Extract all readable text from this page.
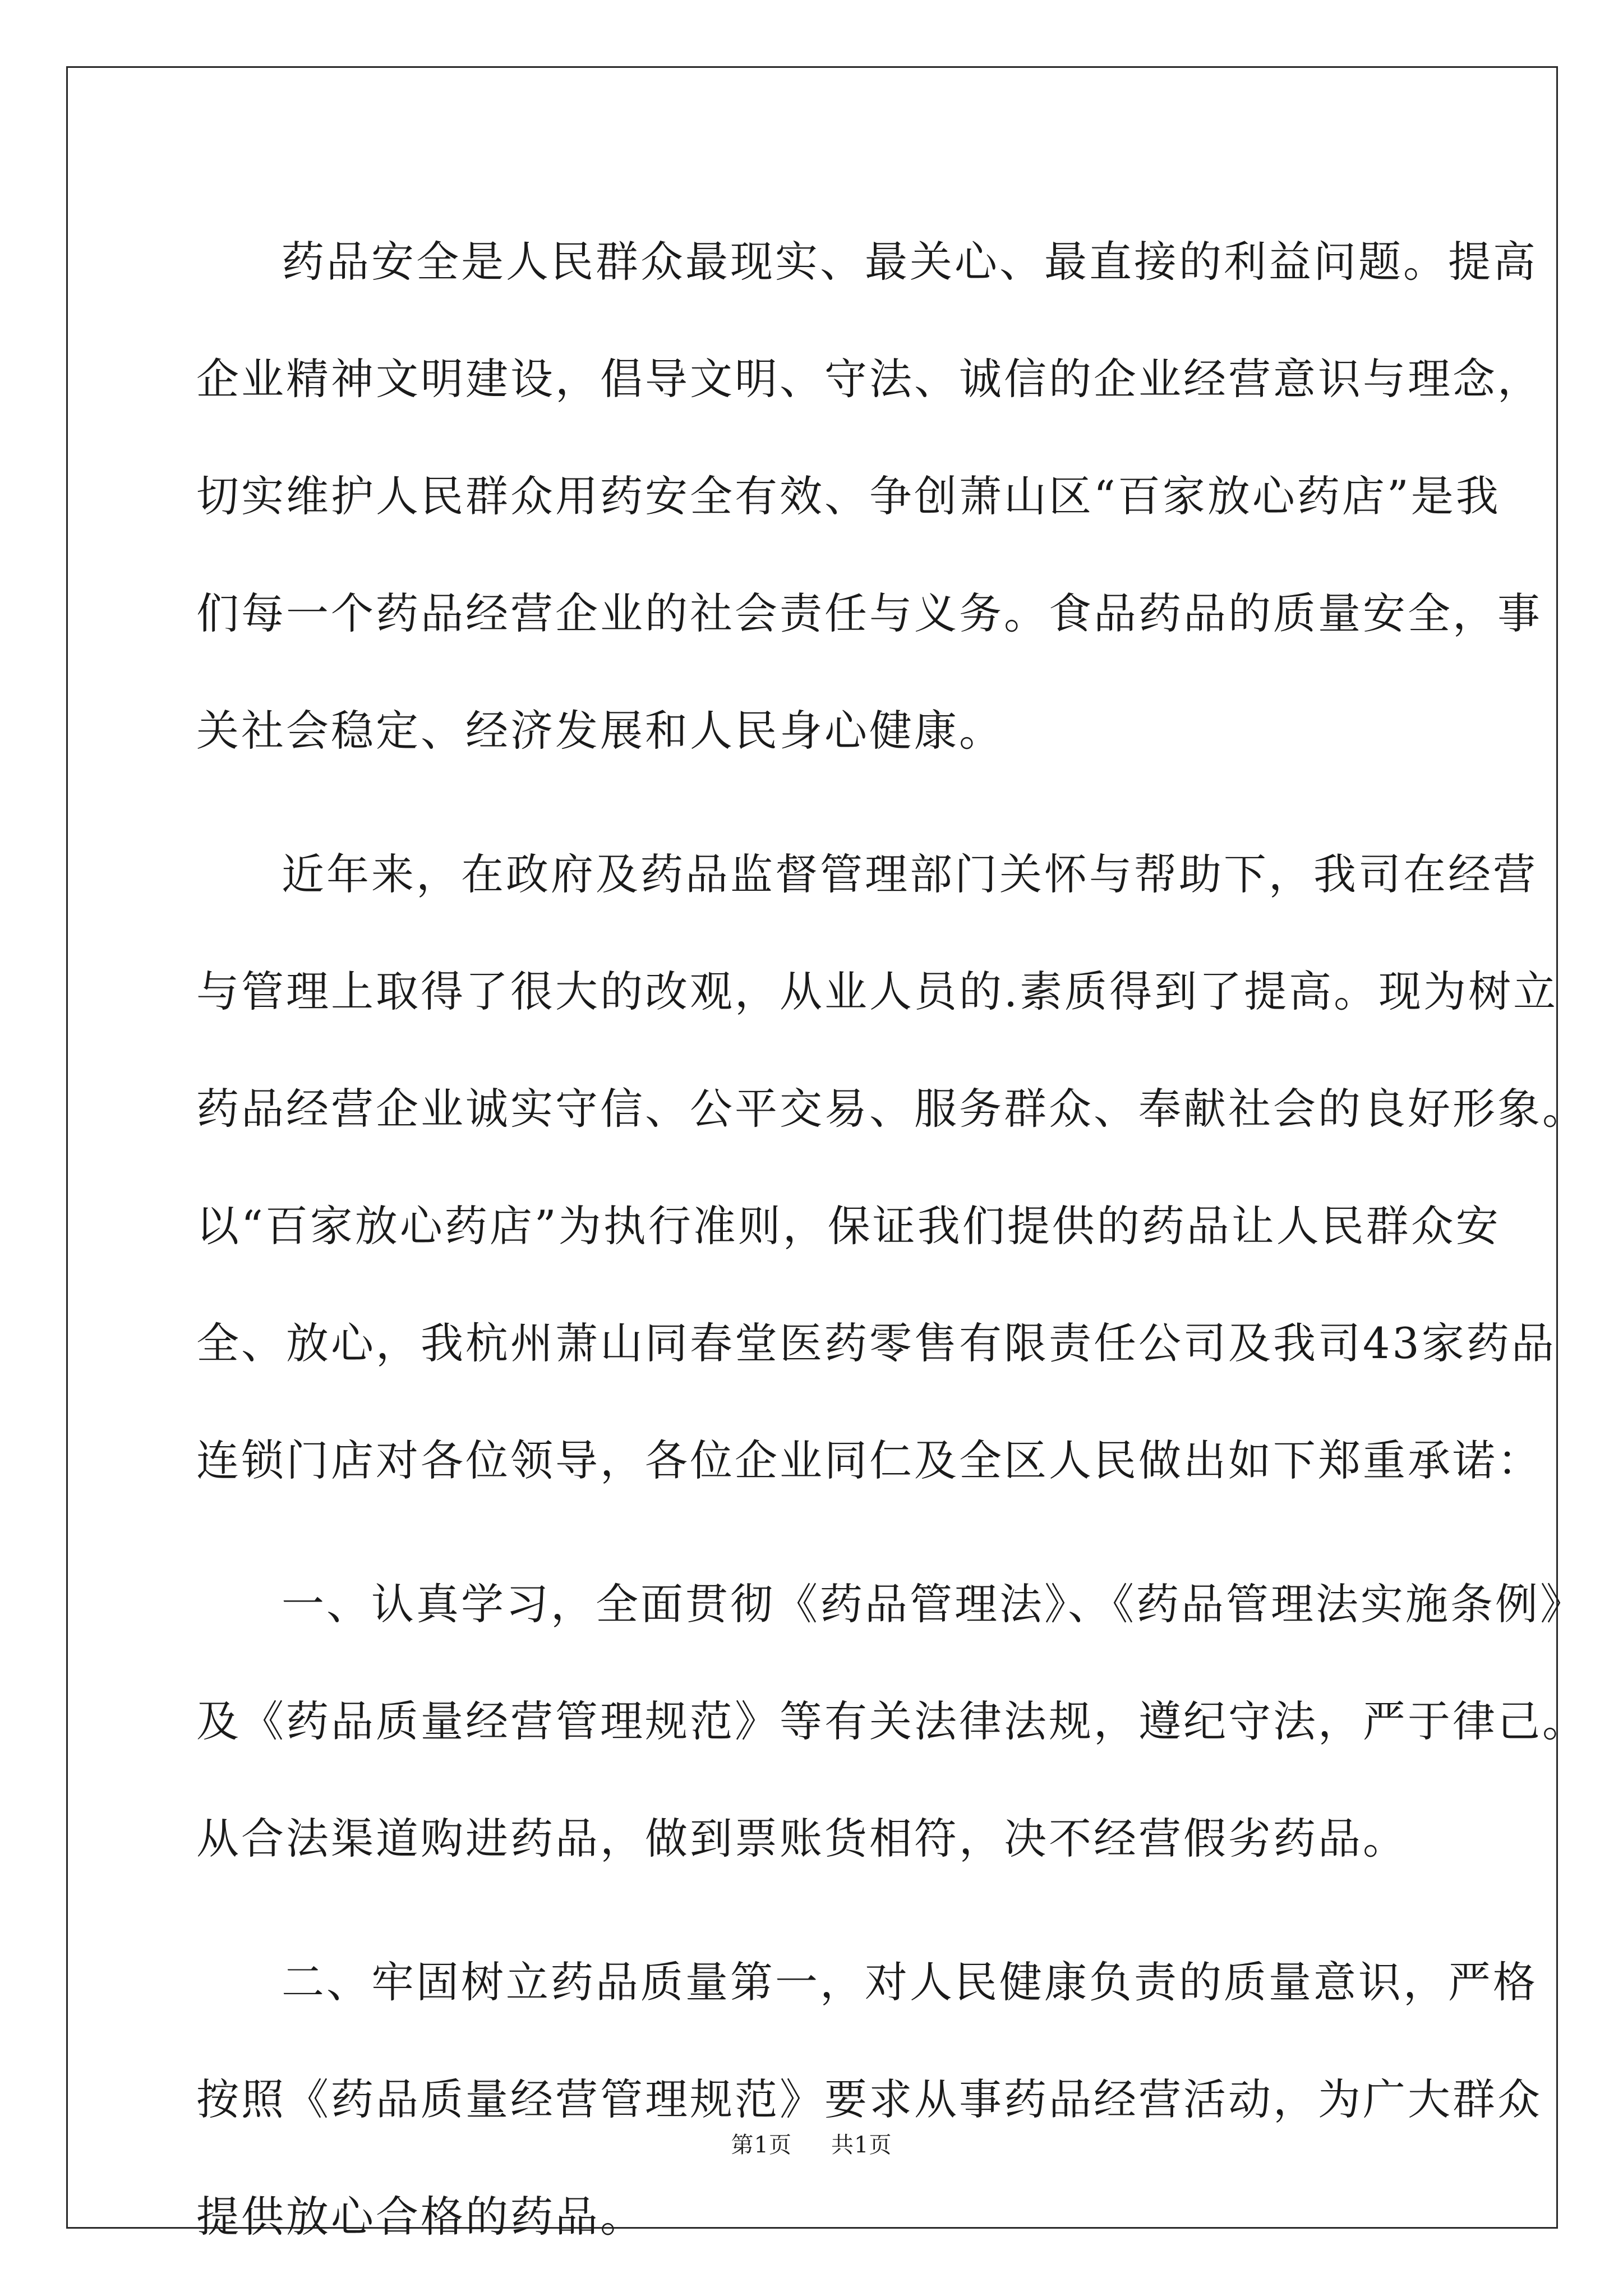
药品安全是人民群众最现实、最关心、最直接的利益问题。提高
企业精神文明建设，倡导文明、守法、诚信的企业经营意识与理念，
切实维护人民群众用药安全有效、争创萧山区“百家放心药店”是我
们每一个药品经营企业的社会责任与义务。食品药品的质量安全，事
关社会稳定、经济发展和人民身心健康。
近年来，在政府及药品监督管理部门关怀与帮助下，我司在经营
与管理上取得了很大的改观，从业人员的.素质得到了提高。现为树立
药品经营企业诚实守信、公平交易、服务群众、奉献社会的良好形象。
以“百家放心药店”为执行准则，保证我们提供的药品让人民群众安
全、放心，我杭州萧山同春堂医药零售有限责任公司及我司43家药品
连锁门店对各位领导，各位企业同仁及全区人民做出如下郑重承诺：
一、认真学习，全面贯彻《药品管理法》、《药品管理法实施条例》
及《药品质量经营管理规范》等有关法律法规，遵纪守法，严于律己。
从合法渠道购进药品，做到票账货相符，决不经营假劣药品。
二、牢固树立药品质量第一，对人民健康负责的质量意识，严格
按照《药品质量经营管理规范》要求从事药品经营活动，为广大群众
提供放心合格的药品。
第1页 共1页
